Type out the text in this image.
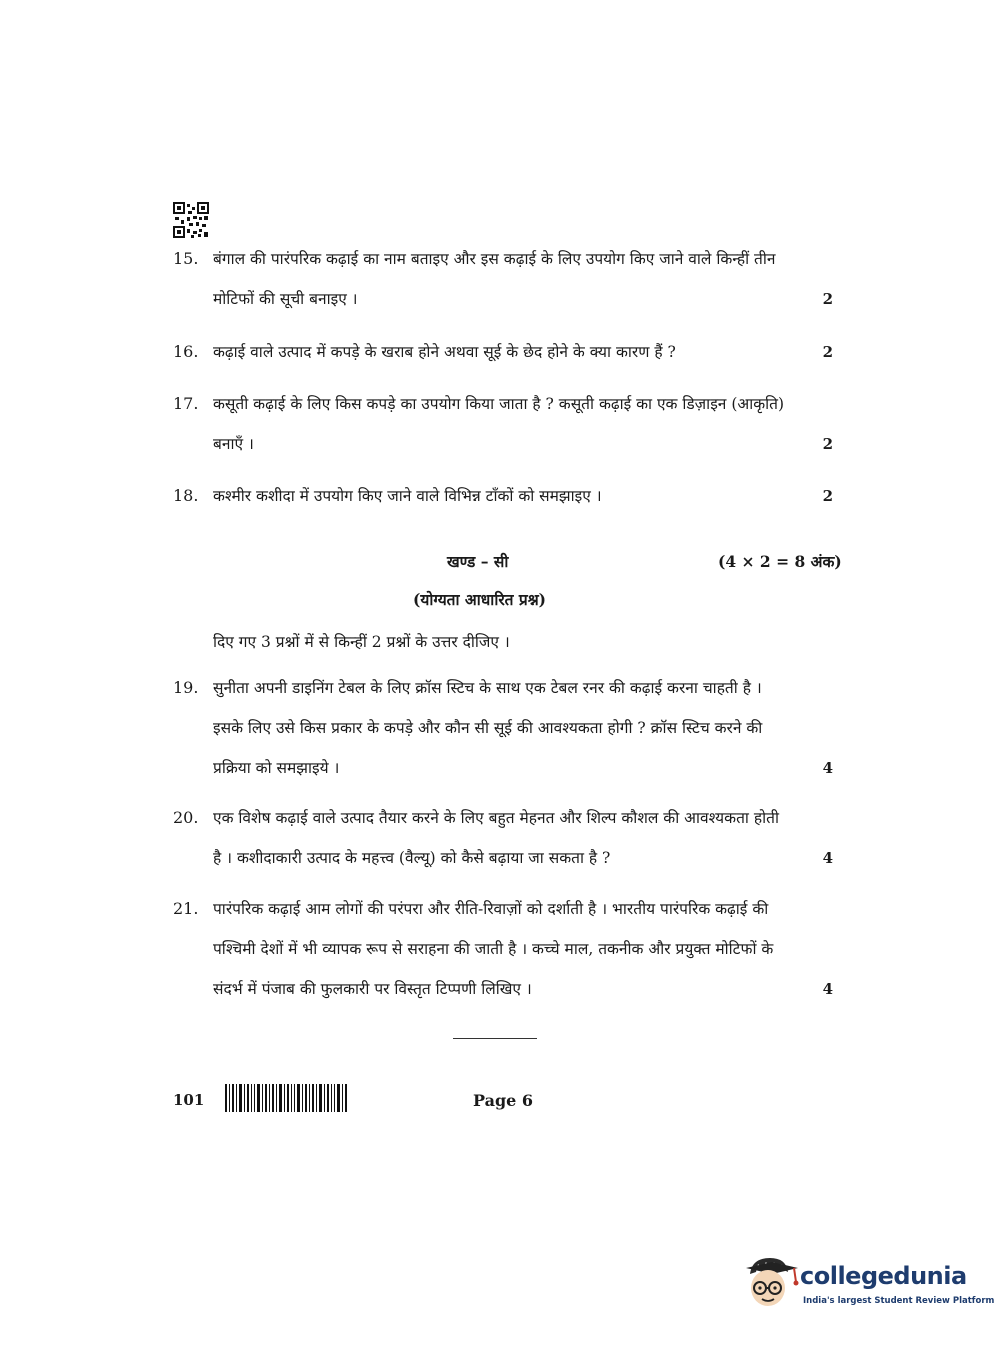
15. बंगाल की पारंपरिक कढ़ाई का नाम बताइए और इस कढ़ाई के लिए उपयोग किए जाने वाले किन्हीं तीन
मोटिफों की सूची बनाइए ।	2
16. कढ़ाई वाले उत्पाद में कपड़े के खराब होने अथवा सूई के छेद होने के क्या कारण हैं ?	2
17. कसूती कढ़ाई के लिए किस कपड़े का उपयोग किया जाता है ? कसूती कढ़ाई का एक डिज़ाइन (आकृति)
बनाएँ ।	2
18. कश्मीर कशीदा में उपयोग किए जाने वाले विभिन्न टाँकों को समझाइए ।	2
खण्ड – सी	(4 × 2 = 8 अंक)
(योग्यता आधारित प्रश्न)
दिए गए 3 प्रश्नों में से किन्हीं 2 प्रश्नों के उत्तर दीजिए ।
19. सुनीता अपनी डाइनिंग टेबल के लिए क्रॉस स्टिच के साथ एक टेबल रनर की कढ़ाई करना चाहती है ।
इसके लिए उसे किस प्रकार के कपड़े और कौन सी सूई की आवश्यकता होगी ? क्रॉस स्टिच करने की
प्रक्रिया को समझाइये ।	4
20. एक विशेष कढ़ाई वाले उत्पाद तैयार करने के लिए बहुत मेहनत और शिल्प कौशल की आवश्यकता होती
है । कशीदाकारी उत्पाद के महत्त्व (वैल्यू) को कैसे बढ़ाया जा सकता है ?	4
21. पारंपरिक कढ़ाई आम लोगों की परंपरा और रीति-रिवाज़ों को दर्शाती है । भारतीय पारंपरिक कढ़ाई की
पश्चिमी देशों में भी व्यापक रूप से सराहना की जाती है । कच्चे माल, तकनीक और प्रयुक्त मोटिफों के
संदर्भ में पंजाब की फुलकारी पर विस्तृत टिप्पणी लिखिए ।	4
101	Page 6
collegedunia
India's largest Student Review Platform
